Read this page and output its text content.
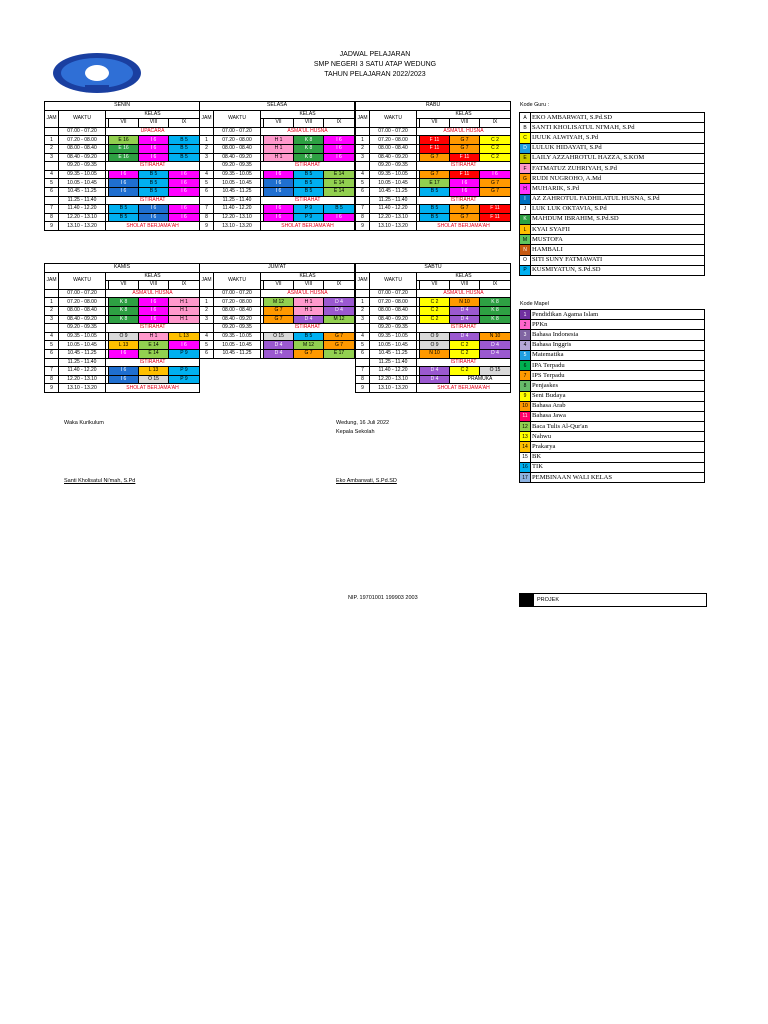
JADWAL PELAJARAN
SMP NEGERI 3 SATU ATAP WEDUNG
TAHUN PELAJARAN 2022/2023
SENIN					
JAM	WAKTU	KELAS			
			VII	VIII	IX
	07.00 - 07.20	UPACARA			
1	07.20 - 08.00		E 16	I 6	B 5
2	08.00 - 08.40		E 16	I 6	B 5
3	08.40 - 09.20		E 16	I 6	B 5
	09.20 - 09.35	ISTIRAHAT			
4	09.35 - 10.05		I 6	B 5	I 6
5	10.05 - 10.45		I 6	B 5	I 6
6	10.45 - 11.25		I 6	B 5	I 6
	11.25 - 11.40	ISTIRAHAT			
7	11.40 - 12.20		B 5	I 6	I 6
8	12.20 - 13.10		B 5	I 6	I 6
9	13.10 - 13.20	SHOLAT BERJAMA'AH			
SELASA					
JAM	WAKTU	KELAS			
			VII	VIII	IX
	07.00 - 07.20	ASMA'UL HUSNA			
1	07.20 - 08.00		H 1	K 8	I 6
2	08.00 - 08.40		H 1	K 8	I 6
3	08.40 - 09.20		H 1	K 8	I 6
	09.20 - 09.35	ISTIRAHAT			
4	09.35 - 10.05		I 6	B 5	E 14
5	10.05 - 10.45		I 6	B 5	E 14
6	10.45 - 11.25		I 6	B 5	E 14
	11.25 - 11.40	ISTIRAHAT			
7	11.40 - 12.20		I 6	P 9	B 5
8	12.20 - 13.10		I 6	P 9	I 6
9	13.10 - 13.20	SHOLAT BERJAMA'AH			
RABU					
JAM	WAKTU	KELAS			
			VII	VIII	IX
	07.00 - 07.20	ASMA'UL HUSNA			
1	07.20 - 08.00		F 11	G 7	C 2
2	08.00 - 08.40		F 11	G 7	C 2
3	08.40 - 09.20		G 7	F 11	C 2
	09.20 - 09.35	ISTIRAHAT			
4	09.35 - 10.05		G 7	F 11	I 6
5	10.05 - 10.45		E 17	I 6	G 7
6	10.45 - 11.25		B 5	I 6	G 7
	11.25 - 11.40	ISTIRAHAT			
7	11.40 - 12.20		B 5	G 7	F 11
8	12.20 - 13.10		B 5	G 7	F 11
9	13.10 - 13.20	SHOLAT BERJAMA'AH			
KAMIS					
JAM	WAKTU	KELAS			
			VII	VIII	IX
	07.00 - 07.20	ASMA'UL HUSNA			
1	07.20 - 08.00		K 8	I 6	H 1
2	08.00 - 08.40		K 8	I 6	H 1
3	08.40 - 09.20		K 8	I 6	H 1
	09.20 - 09.35	ISTIRAHAT			
4	09.35 - 10.05		O 9	H 1	L 13
5	10.05 - 10.45		L 13	E 14	I 6
6	10.45 - 11.25		I 6	E 14	P 9
	11.25 - 11.40	ISTIRAHAT			
7	11.40 - 12.20		I 6	L 13	P 9
8	12.20 - 13.10		I 6	O 15	P 9
9	13.10 - 13.20	SHOLAT BERJAMA'AH			
JUM'AT					
JAM	WAKTU	KELAS			
			VII	VIII	IX
	07.00 - 07.20	ASMA'UL HUSNA			
1	07.20 - 08.00		M 12	H 1	D 4
2	08.00 - 08.40		G 7	H 1	D 4
3	08.40 - 09.20		G 7	D 4	M 12
	09.20 - 09.35	ISTIRAHAT			
4	09.35 - 10.05		O 15	B 5	G 7
5	10.05 - 10.45		D 4	M 12	G 7
6	10.45 - 11.25		D 4	G 7	E 17
SABTU						
JAM	WAKTU	KELAS				
			VII	VIII	IX	
	07.00 - 07.20	ASMA'UL HUSNA				
1	07.20 - 08.00		C 2	N 10	K 8	
2	08.00 - 08.40		C 2	D 4	K 8	
3	08.40 - 09.20		C 2	D 4	K 8	
	09.20 - 09.35	ISTIRAHAT				
4	09.35 - 10.05		O 9	D 4	N 10	
5	10.05 - 10.45		O 9	C 2	D 4	
6	10.45 - 11.25		N 10	C 2	D 4	
	11.25 - 11.40	ISTIRAHAT				
7	11.40 - 12.20		D 4	C 2	O 15	
8	12.20 - 13.10		D 4	PRAMUKA		
9	13.10 - 13.20	SHOLAT BERJAMA'AH				
Kode Guru :
A	EKO AMBARWATI, S.Pd.SD
B	SANTI KHOLISATUL NI'MAH, S.Pd
C	IJUUK ALWIYAH, S.Pd
D	LULUK HIDAYATI, S.Pd
E	LAILY AZZAHROTUL HAZZA, S.KOM
F	FATMATUZ ZUHRIYAH, S.Pd
G	RUDI NUGROHO, A.Md
H	MUHARIK, S.Pd
I	AZ ZAHROTUL FADHILATUL HUSNA, S.Pd
J	LUK LUK OKTAVIA, S.Pd
K	MAHDUM IBRAHIM, S.Pd.SD
L	KYAI SYAFII
M	MUSTOFA
N	HAMBALI
O	SITI SUNY FATMAWATI
P	KUSMIYATUN, S.Pd.SD
Kode Mapel
1	Pendidikan Agama Islam
2	PPKn
3	Bahasa Indonesia
4	Bahasa Inggris
5	Matematika
6	IPA Terpadu
7	IPS Terpadu
8	Penjaskes
9	Seni Budaya
10	Bahasa Arab
11	Bahasa Jawa
12	Baca Tulis Al-Qur'an
13	Nahwu
14	Prakarya
15	BK
16	TIK
17	PEMBINAAN WALI KELAS
PROJEK
Waka Kurikulum
Santi Kholisatul Ni'mah, S.Pd
Wedung, 16 Juli 2022
Kepala Sekolah
Eko Ambarwati, S.Pd.SD
NIP. 19701001 199903 2003
